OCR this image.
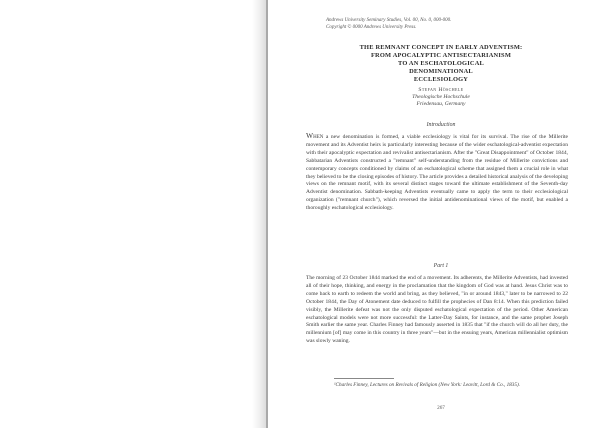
Andrews University Seminary Studies, Vol. 00, No. 0, 000-000.
Copyright © 0000 Andrews University Press.
THE REMNANT CONCEPT IN EARLY ADVENTISM:
FROM APOCALYPTIC ANTISECTARIANISM
TO AN ESCHATOLOGICAL
DENOMINATIONAL
ECCLESIOLOGY
Stefan Höschele
Theologische Hochschule
Friedensau, Germany
Introduction
When a new denomination is formed, a viable ecclesiology is vital for its survival. The rise of the Millerite movement and its Adventist heirs is particularly interesting because of the wider eschatological-adventist expectation with their apocalyptic expectation and revivalist antisectarianism. After the "Great Disappointment" of October 1844, Sabbatarian Adventists constructed a "remnant" self-understanding from the residue of Millerite convictions and contemporary concepts conditioned by claims of an eschatological scheme that assigned them a crucial role in what they believed to be the closing episodes of history. The article provides a detailed historical analysis of the developing views on the remnant motif, with its several distinct stages toward the ultimate establishment of the Seventh-day Adventist denomination. Sabbath-keeping Adventists eventually came to apply the term to their ecclesiological organization ("remnant church"), which reversed the initial antidenominational views of the motif, but enabled a thoroughly eschatological ecclesiology.
Part 1
The morning of 23 October 1844 marked the end of a movement. Its adherents, the Millerite Adventists, had invested all of their hope, thinking, and energy in the proclamation that the kingdom of God was at hand. Jesus Christ was to come back to earth to redeem the world and bring, as they believed, "in or around 1843," later to be narrowed to 22 October 1844, the Day of Atonement date deduced to fulfill the prophecies of Dan 8:14. When this prediction failed visibly, the Millerite defeat was not the only disputed eschatological expectation of the period. Other American eschatological models were not more successful: the Latter-Day Saints, for instance, and the same prophet Joseph Smith earlier the same year. Charles Finney had famously asserted in 1835 that "if the church will do all her duty, the millennium [of] may come in this country in three years"—but in the ensuing years, American millennialist optimism was slowly waning.
¹Charles Finney, Lectures on Revivals of Religion (New York: Leavitt, Lord & Co., 1835).
267
